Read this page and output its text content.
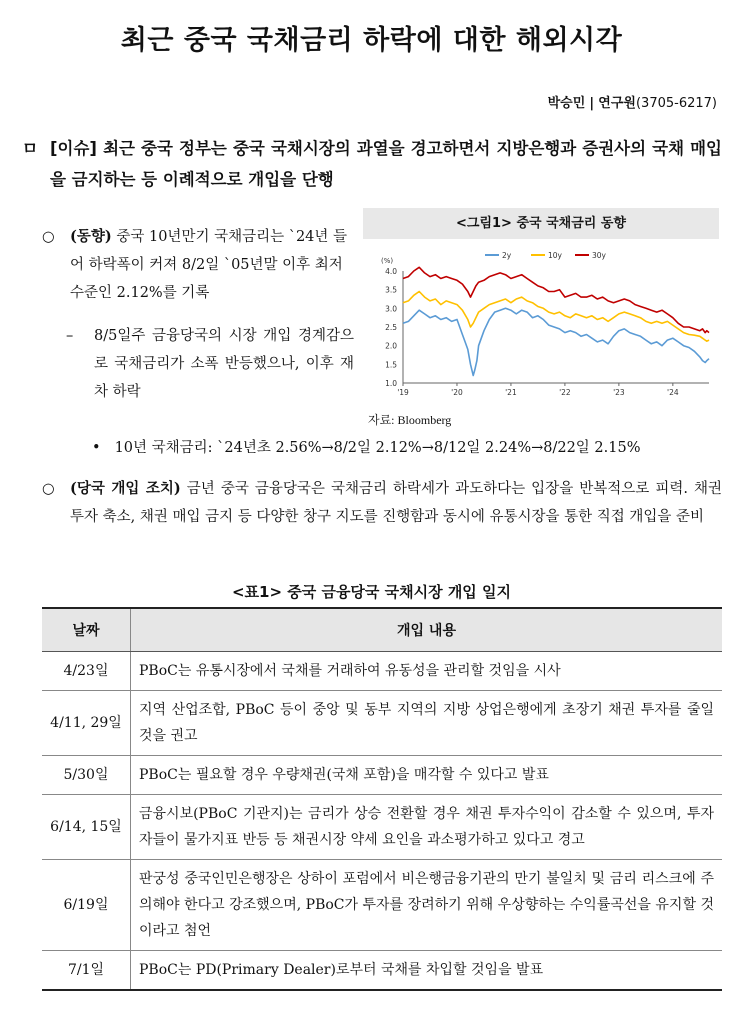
최근 중국 국채금리 하락에 대한 해외시각
박승민 | 연구원(3705-6217)
ㅁ [이슈] 최근 중국 정부는 중국 국채시장의 과열을 경고하면서 지방은행과 증권사의 국채 매입을 금지하는 등 이례적으로 개입을 단행
○ (동향) 중국 10년만기 국채금리는 `24년 들어 하락폭이 커져 8/2일 `05년말 이후 최저 수준인 2.12%를 기록
– 8/5일주 금융당국의 시장 개입 경계감으로 국채금리가 소폭 반등했으나, 이후 재차 하락
• 10년 국채금리: `24년초 2.56%→8/2일 2.12%→8/12일 2.24%→8/22일 2.15%
<그림1> 중국 국채금리 동향
(%)
1.0
1.5
2.0
2.5
3.0
3.5
4.0
'19	'20	'21	'22	'23	'24
2y	10y	30y
자료: Bloomberg
○ (당국 개입 조치) 금년 중국 금융당국은 국채금리 하락세가 과도하다는 입장을 반복적으로 피력. 채권 투자 축소, 채권 매입 금지 등 다양한 창구 지도를 진행함과 동시에 유통시장을 통한 직접 개입을 준비
<표1> 중국 금융당국 국채시장 개입 일지
날짜	개입 내용
4/23일	PBoC는 유통시장에서 국채를 거래하여 유동성을 관리할 것임을 시사
4/11, 29일	지역 산업조합, PBoC 등이 중앙 및 동부 지역의 지방 상업은행에게 초장기 채권 투자를 줄일 것을 권고
5/30일	PBoC는 필요할 경우 우량채권(국채 포함)을 매각할 수 있다고 발표
6/14, 15일	금융시보(PBoC 기관지)는 금리가 상승 전환할 경우 채권 투자수익이 감소할 수 있으며, 투자자들이 물가지표 반등 등 채권시장 약세 요인을 과소평가하고 있다고 경고
6/19일	판궁성 중국인민은행장은 상하이 포럼에서 비은행금융기관의 만기 불일치 및 금리 리스크에 주의해야 한다고 강조했으며, PBoC가 투자를 장려하기 위해 우상향하는 수익률곡선을 유지할 것이라고 첨언
7/1일	PBoC는 PD(Primary Dealer)로부터 국채를 차입할 것임을 발표
